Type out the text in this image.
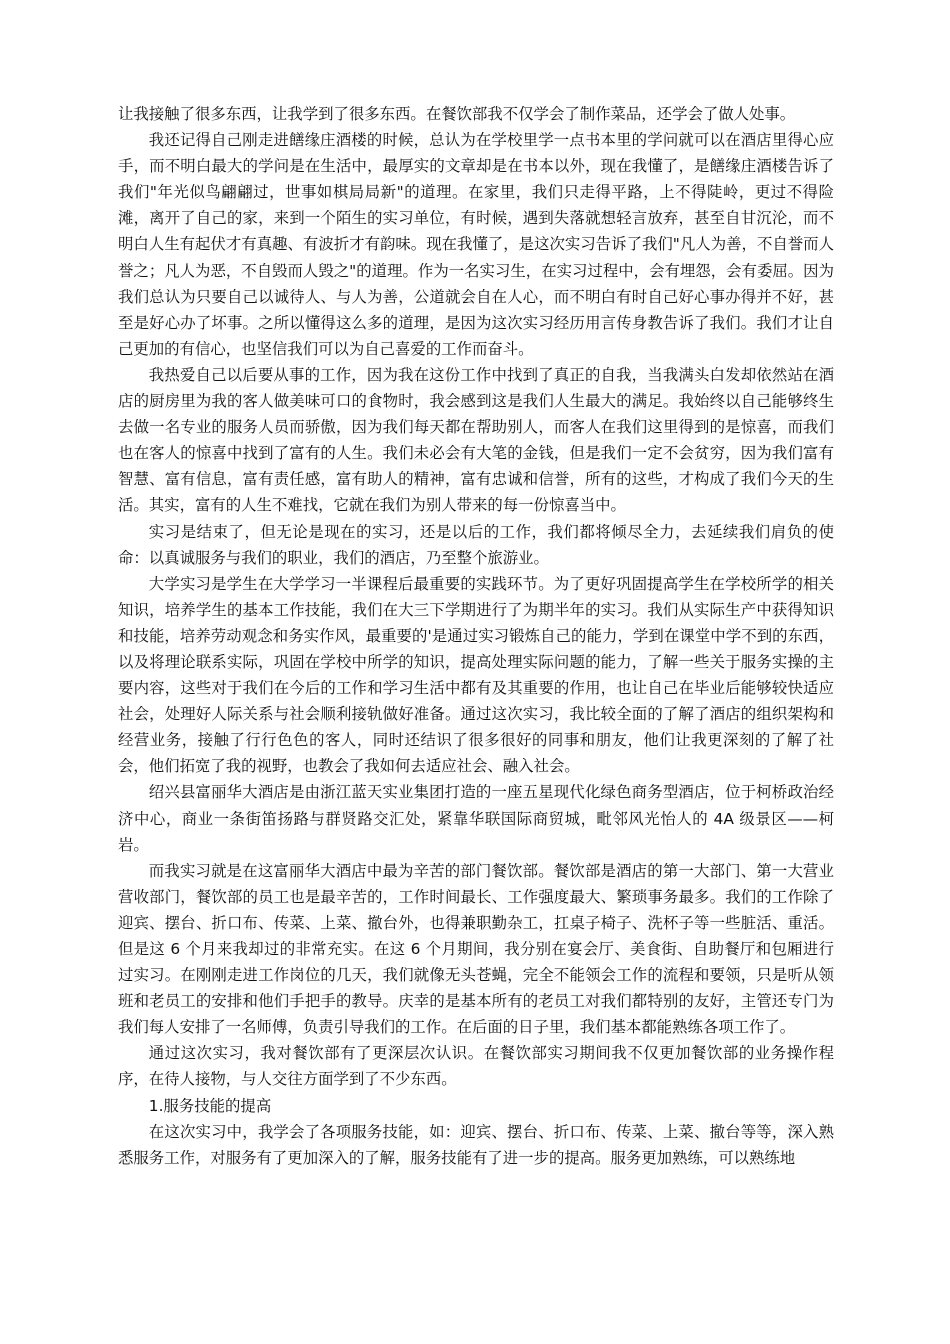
让我接触了很多东西，让我学到了很多东西。在餐饮部我不仅学会了制作菜品，还学会了做人处事。

我还记得自己刚走进饍缘庄酒楼的时候，总认为在学校里学一点书本里的学问就可以在酒店里得心应手，而不明白最大的学问是在生活中，最厚实的文章却是在书本以外，现在我懂了，是饍缘庄酒楼告诉了我们"年光似鸟翩翩过，世事如棋局局新"的道理。在家里，我们只走得平路，上不得陡岭，更过不得险滩，离开了自己的家，来到一个陌生的实习单位，有时候，遇到失落就想轻言放弃，甚至自甘沉沦，而不明白人生有起伏才有真趣、有波折才有韵味。现在我懂了，是这次实习告诉了我们"凡人为善，不自誉而人誉之；凡人为恶，不自毁而人毁之"的道理。作为一名实习生，在实习过程中，会有埋怨，会有委屈。因为我们总认为只要自己以诚待人、与人为善，公道就会自在人心，而不明白有时自己好心事办得并不好，甚至是好心办了坏事。之所以懂得这么多的道理，是因为这次实习经历用言传身教告诉了我们。我们才让自己更加的有信心，也坚信我们可以为自己喜爱的工作而奋斗。

我热爱自己以后要从事的工作，因为我在这份工作中找到了真正的自我，当我满头白发却依然站在酒店的厨房里为我的客人做美味可口的食物时，我会感到这是我们人生最大的满足。我始终以自己能够终生去做一名专业的服务人员而骄傲，因为我们每天都在帮助别人，而客人在我们这里得到的是惊喜，而我们也在客人的惊喜中找到了富有的人生。我们未必会有大笔的金钱，但是我们一定不会贫穷，因为我们富有智慧、富有信息，富有责任感，富有助人的精神，富有忠诚和信誉，所有的这些，才构成了我们今天的生活。其实，富有的人生不难找，它就在我们为别人带来的每一份惊喜当中。

实习是结束了，但无论是现在的实习，还是以后的工作，我们都将倾尽全力，去延续我们肩负的使命：以真诚服务与我们的职业，我们的酒店，乃至整个旅游业。

大学实习是学生在大学学习一半课程后最重要的实践环节。为了更好巩固提高学生在学校所学的相关知识，培养学生的基本工作技能，我们在大三下学期进行了为期半年的实习。我们从实际生产中获得知识和技能，培养劳动观念和务实作风，最重要的'是通过实习锻炼自己的能力，学到在课堂中学不到的东西，以及将理论联系实际，巩固在学校中所学的知识，提高处理实际问题的能力，了解一些关于服务实操的主要内容，这些对于我们在今后的工作和学习生活中都有及其重要的作用，也让自己在毕业后能够较快适应社会，处理好人际关系与社会顺利接轨做好准备。通过这次实习，我比较全面的了解了酒店的组织架构和经营业务，接触了行行色色的客人，同时还结识了很多很好的同事和朋友，他们让我更深刻的了解了社会，他们拓宽了我的视野，也教会了我如何去适应社会、融入社会。

绍兴县富丽华大酒店是由浙江蓝天实业集团打造的一座五星现代化绿色商务型酒店，位于柯桥政治经济中心，商业一条街笛扬路与群贤路交汇处，紧靠华联国际商贸城，毗邻风光怡人的 4A 级景区——柯岩。

而我实习就是在这富丽华大酒店中最为辛苦的部门餐饮部。餐饮部是酒店的第一大部门、第一大营业营收部门，餐饮部的员工也是最辛苦的，工作时间最长、工作强度最大、繁琐事务最多。我们的工作除了迎宾、摆台、折口布、传菜、上菜、撤台外，也得兼职勤杂工，扛桌子椅子、洗杯子等一些脏活、重活。但是这 6 个月来我却过的非常充实。在这 6 个月期间，我分别在宴会厅、美食街、自助餐厅和包厢进行过实习。在刚刚走进工作岗位的几天，我们就像无头苍蝇，完全不能领会工作的流程和要领，只是听从领班和老员工的安排和他们手把手的教导。庆幸的是基本所有的老员工对我们都特别的友好，主管还专门为我们每人安排了一名师傅，负责引导我们的工作。在后面的日子里，我们基本都能熟练各项工作了。

通过这次实习，我对餐饮部有了更深层次认识。在餐饮部实习期间我不仅更加餐饮部的业务操作程序，在待人接物，与人交往方面学到了不少东西。

1.服务技能的提高

在这次实习中，我学会了各项服务技能，如：迎宾、摆台、折口布、传菜、上菜、撤台等等，深入熟悉服务工作，对服务有了更加深入的了解，服务技能有了进一步的提高。服务更加熟练，可以熟练地
